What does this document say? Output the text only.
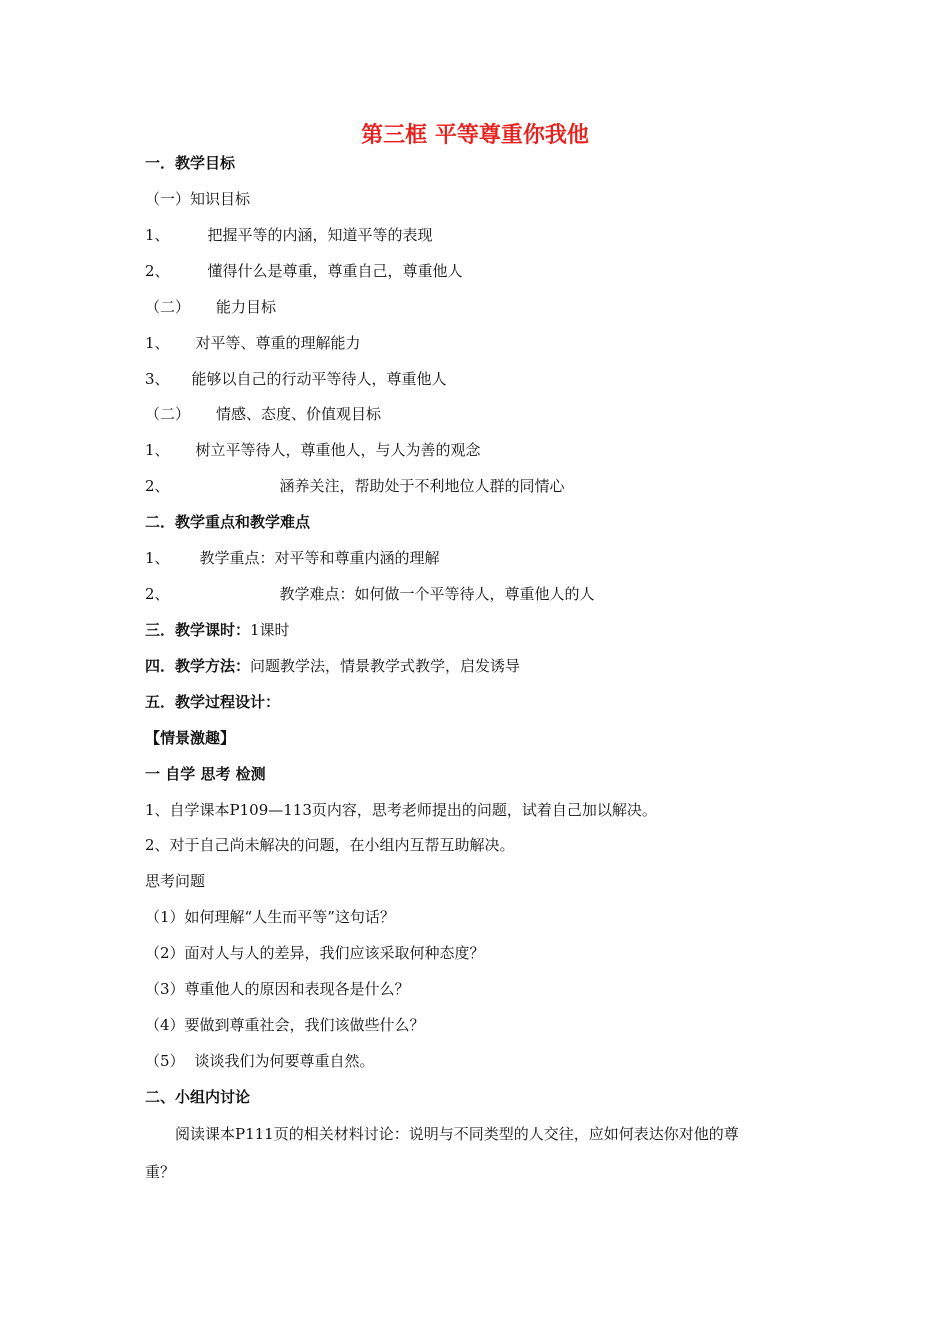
第三框 平等尊重你我他
一．教学目标
（一）知识目标
1、	把握平等的内涵，知道平等的表现
2、	懂得什么是尊重，尊重自己，尊重他人
（二） 能力目标
1、 对平等、尊重的理解能力
3、 能够以自己的行动平等待人，尊重他人
（二） 情感、态度、价值观目标
1、 树立平等待人，尊重他人，与人为善的观念
2、	涵养关注，帮助处于不利地位人群的同情心
二．教学重点和教学难点
1、 教学重点：对平等和尊重内涵的理解
2、	教学难点：如何做一个平等待人，尊重他人的人
三．教学课时：1课时
四．教学方法：问题教学法，情景教学式教学，启发诱导
五．教学过程设计：
【情景激趣】
一 自学 思考 检测
1、自学课本P109—113页内容，思考老师提出的问题，试着自己加以解决。
2、对于自己尚未解决的问题，在小组内互帮互助解决。
思考问题
（1）如何理解“人生而平等”这句话？
（2）面对人与人的差异，我们应该采取何种态度？
（3）尊重他人的原因和表现各是什么？
（4）要做到尊重社会，我们该做些什么？
（5） 谈谈我们为何要尊重自然。
二、小组内讨论
阅读课本P111页的相关材料讨论：说明与不同类型的人交往，应如何表达你对他的尊
重？
